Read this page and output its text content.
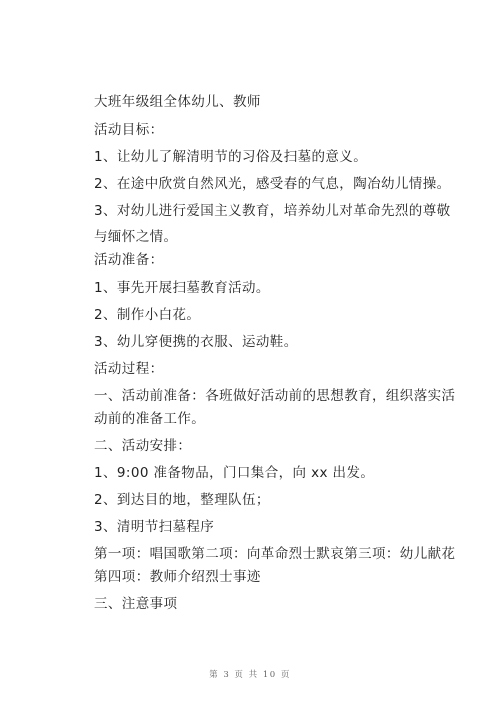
大班年级组全体幼儿、教师
活动目标：
1、让幼儿了解清明节的习俗及扫墓的意义。
2、在途中欣赏自然风光，感受春的气息，陶冶幼儿情操。
3、对幼儿进行爱国主义教育，培养幼儿对革命先烈的尊敬
与缅怀之情。
活动准备：
1、事先开展扫墓教育活动。
2、制作小白花。
3、幼儿穿便携的衣服、运动鞋。
活动过程：
一、活动前准备：各班做好活动前的思想教育，组织落实活
动前的准备工作。
二、活动安排：
1、9:00 准备物品，门口集合，向 xx 出发。
2、到达目的地，整理队伍；
3、清明节扫墓程序
第一项：唱国歌第二项：向革命烈士默哀第三项：幼儿献花
第四项：教师介绍烈士事迹
三、注意事项
第 3 页 共 10 页
